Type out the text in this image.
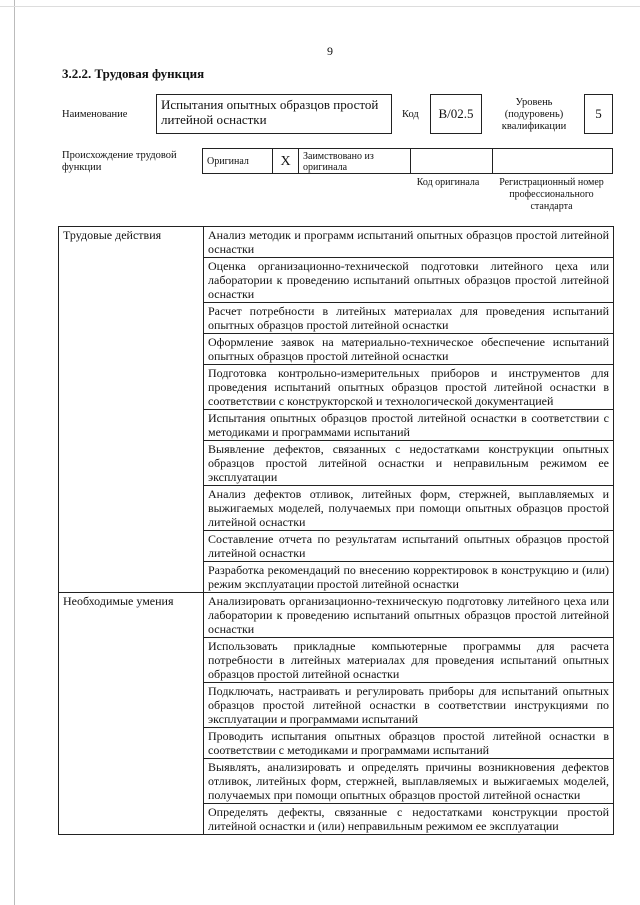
9
3.2.2. Трудовая функция
Наименование
Испытания опытных образцов простой литейной оснастки	Код	B/02.5
Уровень
(подуровень)
квалификации
5
Происхождение трудовой функции
Оригинал	X	Заимствовано из оригинала
Код оригинала	Регистрационный номер профессионального стандарта
Трудовые действия	Анализ методик и программ испытаний опытных образцов простой литейной оснастки
	Оценка организационно-технической подготовки литейного цеха или лаборатории к проведению испытаний опытных образцов простой литейной оснастки
	Расчет потребности в литейных материалах для проведения испытаний опытных образцов простой литейной оснастки
	Оформление заявок на материально-техническое обеспечение испытаний опытных образцов простой литейной оснастки
	Подготовка контрольно-измерительных приборов и инструментов для проведения испытаний опытных образцов простой литейной оснастки в соответствии с конструкторской и технологической документацией
	Испытания опытных образцов простой литейной оснастки в соответствии с методиками и программами испытаний
	Выявление дефектов, связанных с недостатками конструкции опытных образцов простой литейной оснастки и неправильным режимом ее эксплуатации
	Анализ дефектов отливок, литейных форм, стержней, выплавляемых и выжигаемых моделей, получаемых при помощи опытных образцов простой литейной оснастки
	Составление отчета по результатам испытаний опытных образцов простой литейной оснастки
	Разработка рекомендаций по внесению корректировок в конструкцию и (или) режим эксплуатации простой литейной оснастки
Необходимые умения	Анализировать организационно-техническую подготовку литейного цеха или лаборатории к проведению испытаний опытных образцов простой литейной оснастки
	Использовать прикладные компьютерные программы для расчета потребности в литейных материалах для проведения испытаний опытных образцов простой литейной оснастки
	Подключать, настраивать и регулировать приборы для испытаний опытных образцов простой литейной оснастки в соответствии инструкциями по эксплуатации и программами испытаний
	Проводить испытания опытных образцов простой литейной оснастки в соответствии с методиками и программами испытаний
	Выявлять, анализировать и определять причины возникновения дефектов отливок, литейных форм, стержней, выплавляемых и выжигаемых моделей, получаемых при помощи опытных образцов простой литейной оснастки
	Определять дефекты, связанные с недостатками конструкции простой литейной оснастки и (или) неправильным режимом ее эксплуатации
